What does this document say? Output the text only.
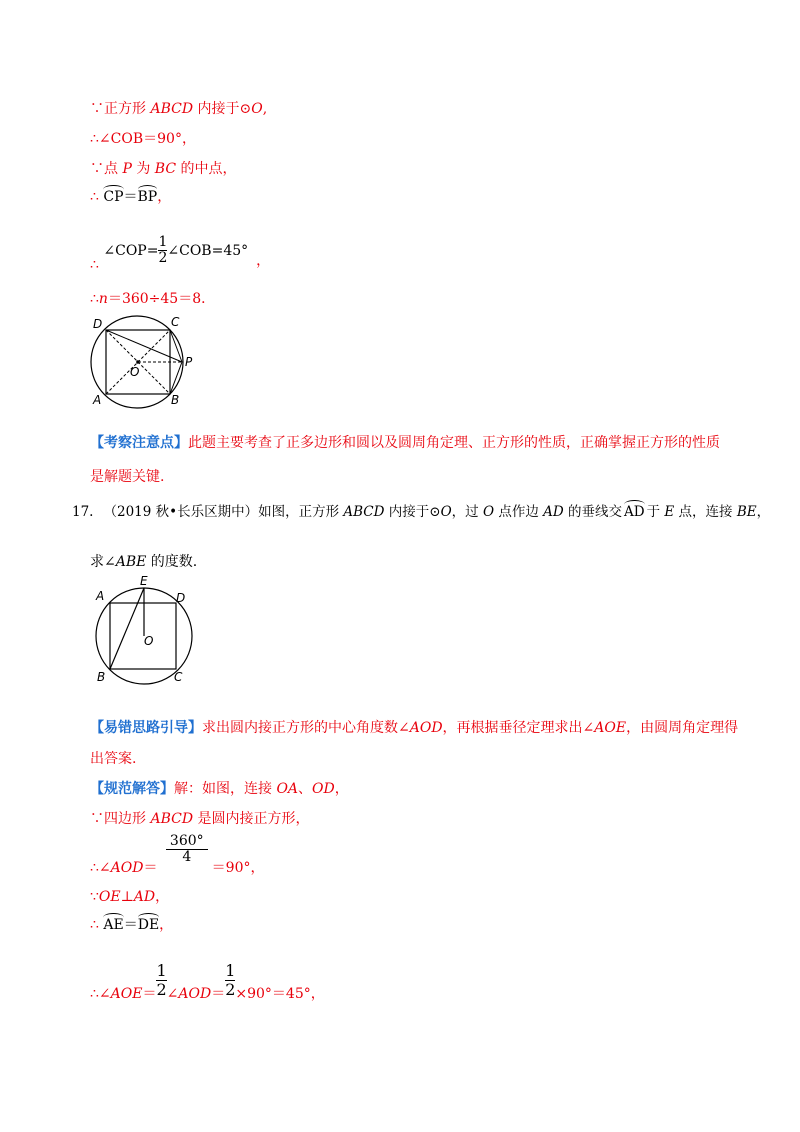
∵正方形 ABCD 内接于⊙O,
∴∠COB＝90°，
∵点 P 为 BC 的中点，
∴ CP＝BP，
∴ ∠COP= $\frac{1}{2}$ ∠COB=45°，
∴n＝360÷45＝8．
D	C
P
O
A	B
【考察注意点】此题主要考查了正多边形和圆以及圆周角定理、正方形的性质，正确掌握正方形的性质
是解题关键.
17. （2019 秋•长乐区期中）如图，正方形 ABCD 内接于⊙O，过 O 点作边 AD 的垂线交 AD 于 E 点，连接 BE，
求∠ABE 的度数.
E
A	D
O
B	C
【易错思路引导】求出圆内接正方形的中心角度数∠AOD，再根据垂径定理求出∠AOE，由圆周角定理得
出答案.
【规范解答】解：如图，连接 OA、OD，
∵四边形 ABCD 是圆内接正方形，
∴∠AOD＝
$\frac{360^\circ}{4}$
＝90°，
∵OE⊥AD，
∴ AE＝DE，
∴∠AOE＝ $\frac{1}{2}$ ∠AOD＝ $\frac{1}{2} \times 90^\circ=45^\circ$，
